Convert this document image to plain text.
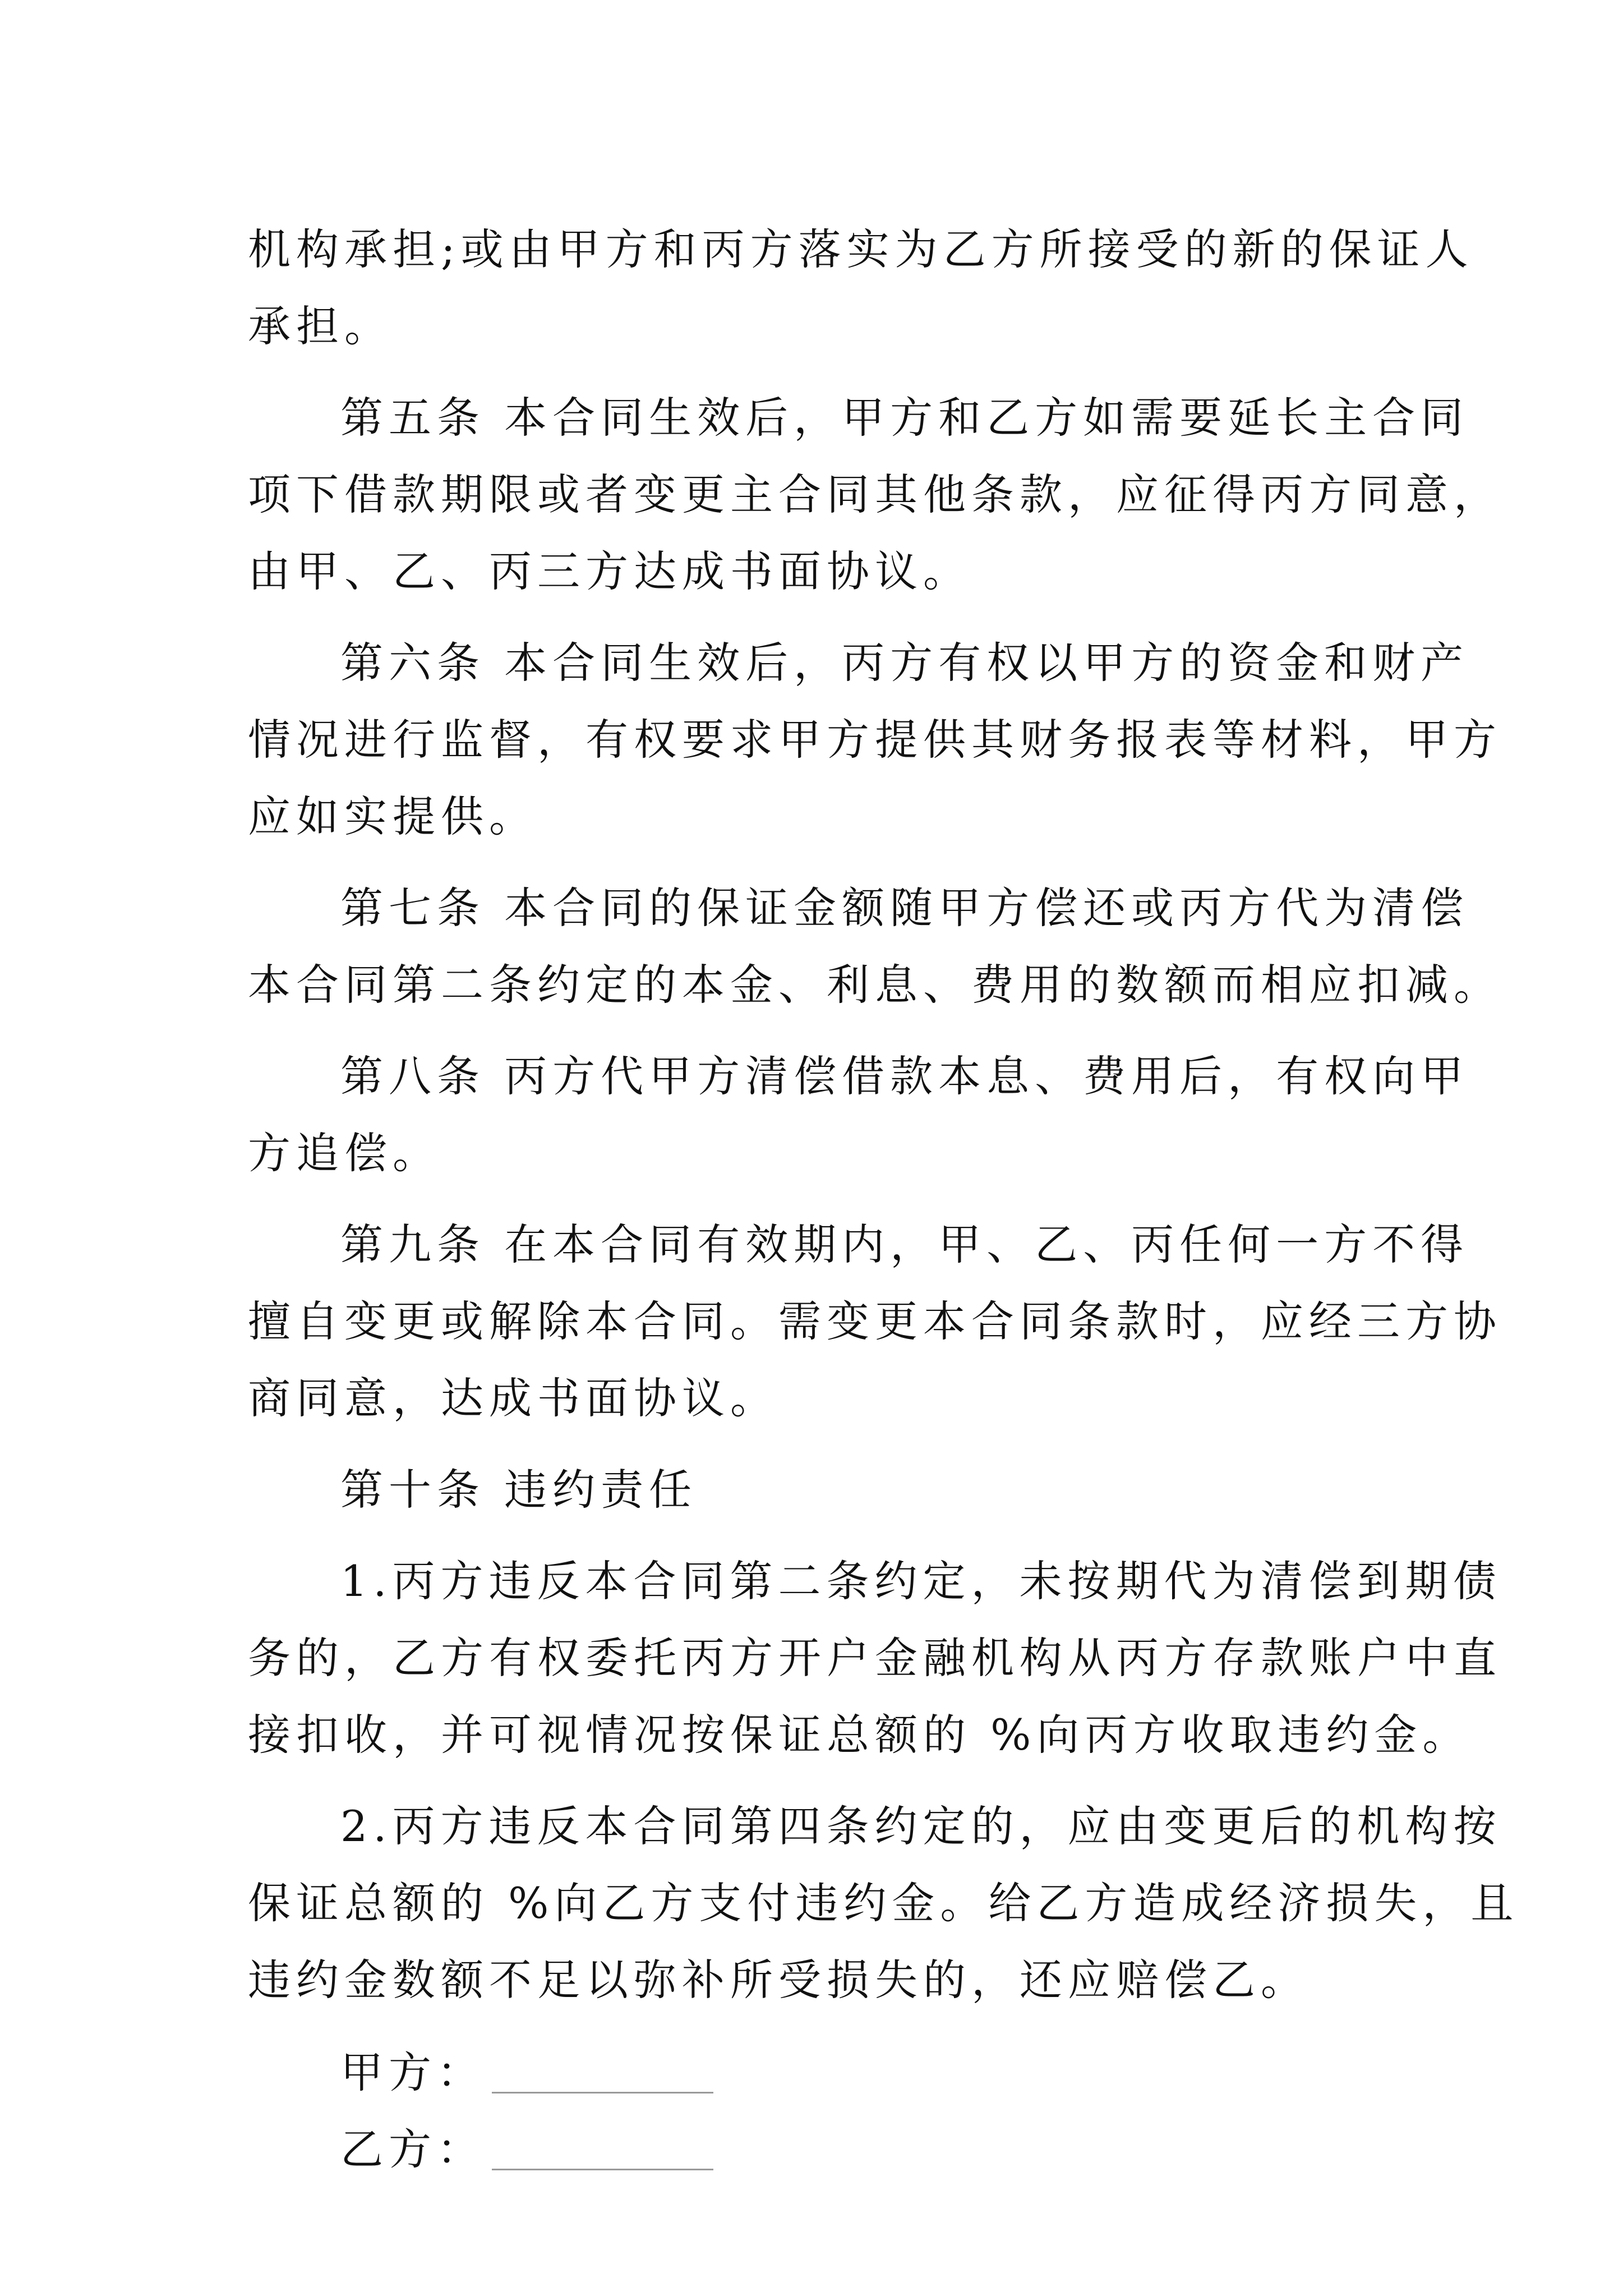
机构承担;或由甲方和丙方落实为乙方所接受的新的保证人
承担。
第五条 本合同生效后，甲方和乙方如需要延长主合同
项下借款期限或者变更主合同其他条款，应征得丙方同意，
由甲、乙、丙三方达成书面协议。
第六条 本合同生效后，丙方有权以甲方的资金和财产
情况进行监督，有权要求甲方提供其财务报表等材料，甲方
应如实提供。
第七条 本合同的保证金额随甲方偿还或丙方代为清偿
本合同第二条约定的本金、利息、费用的数额而相应扣减。
第八条 丙方代甲方清偿借款本息、费用后，有权向甲
方追偿。
第九条 在本合同有效期内，甲、乙、丙任何一方不得
擅自变更或解除本合同。需变更本合同条款时，应经三方协
商同意，达成书面协议。
第十条 违约责任
1.丙方违反本合同第二条约定，未按期代为清偿到期债
务的，乙方有权委托丙方开户金融机构从丙方存款账户中直
接扣收，并可视情况按保证总额的 %向丙方收取违约金。
2.丙方违反本合同第四条约定的，应由变更后的机构按
保证总额的 %向乙方支付违约金。给乙方造成经济损失，且
违约金数额不足以弥补所受损失的，还应赔偿乙。
甲方：
乙方：
